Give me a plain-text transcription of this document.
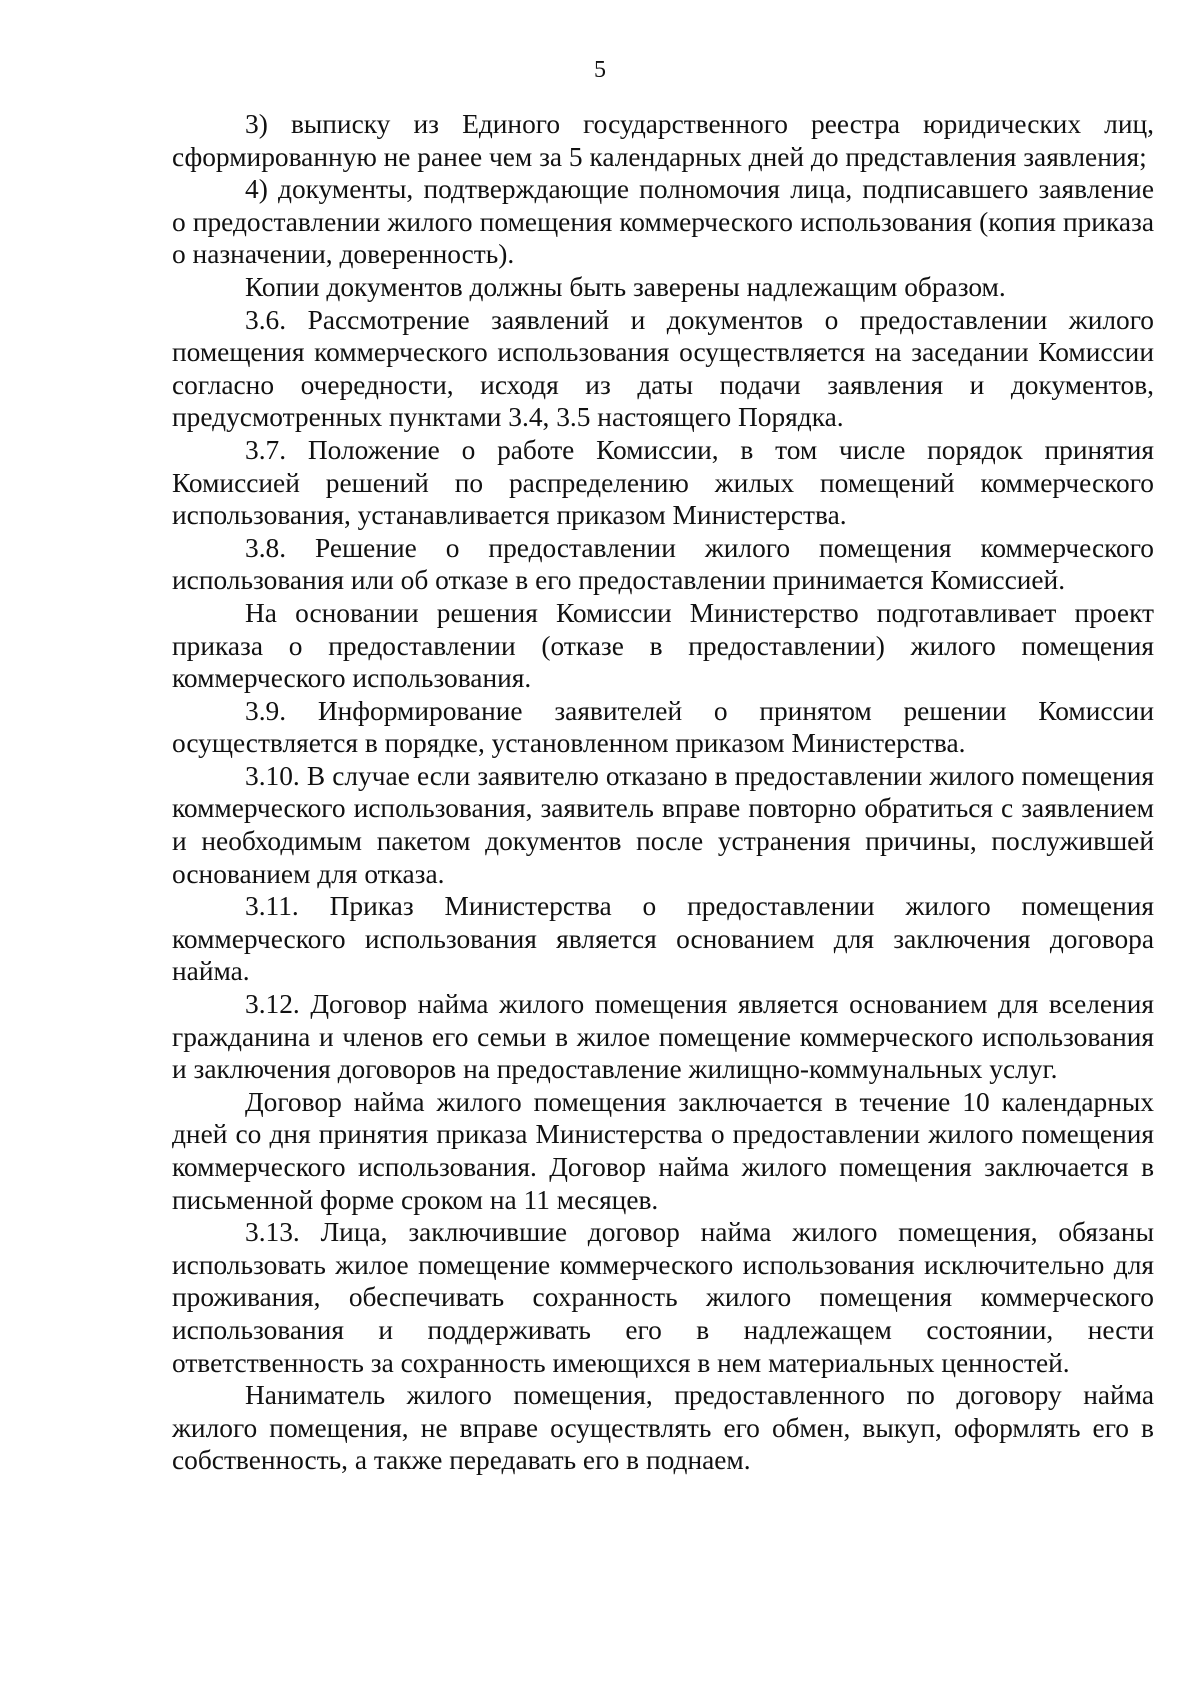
5

3) выписку из Единого государственного реестра юридических лиц, сформированную не ранее чем за 5 календарных дней до представления заявления;

4) документы, подтверждающие полномочия лица, подписавшего заявление о предоставлении жилого помещения коммерческого использования (копия приказа о назначении, доверенность).

Копии документов должны быть заверены надлежащим образом.

3.6. Рассмотрение заявлений и документов о предоставлении жилого помещения коммерческого использования осуществляется на заседании Комиссии согласно очередности, исходя из даты подачи заявления и документов, предусмотренных пунктами 3.4, 3.5 настоящего Порядка.

3.7. Положение о работе Комиссии, в том числе порядок принятия Комиссией решений по распределению жилых помещений коммерческого использования, устанавливается приказом Министерства.

3.8. Решение о предоставлении жилого помещения коммерческого использования или об отказе в его предоставлении принимается Комиссией.

На основании решения Комиссии Министерство подготавливает проект приказа о предоставлении (отказе в предоставлении) жилого помещения коммерческого использования.

3.9. Информирование заявителей о принятом решении Комиссии осуществляется в порядке, установленном приказом Министерства.

3.10. В случае если заявителю отказано в предоставлении жилого помещения коммерческого использования, заявитель вправе повторно обратиться с заявлением и необходимым пакетом документов после устранения причины, послужившей основанием для отказа.

3.11. Приказ Министерства о предоставлении жилого помещения коммерческого использования является основанием для заключения договора найма.

3.12. Договор найма жилого помещения является основанием для вселения гражданина и членов его семьи в жилое помещение коммерческого использования и заключения договоров на предоставление жилищно-коммунальных услуг.

Договор найма жилого помещения заключается в течение 10 календарных дней со дня принятия приказа Министерства о предоставлении жилого помещения коммерческого использования. Договор найма жилого помещения заключается в письменной форме сроком на 11 месяцев.

3.13. Лица, заключившие договор найма жилого помещения, обязаны использовать жилое помещение коммерческого использования исключительно для проживания, обеспечивать сохранность жилого помещения коммерческого использования и поддерживать его в надлежащем состоянии, нести ответственность за сохранность имеющихся в нем материальных ценностей.

Наниматель жилого помещения, предоставленного по договору найма жилого помещения, не вправе осуществлять его обмен, выкуп, оформлять его в собственность, а также передавать его в поднаем.
